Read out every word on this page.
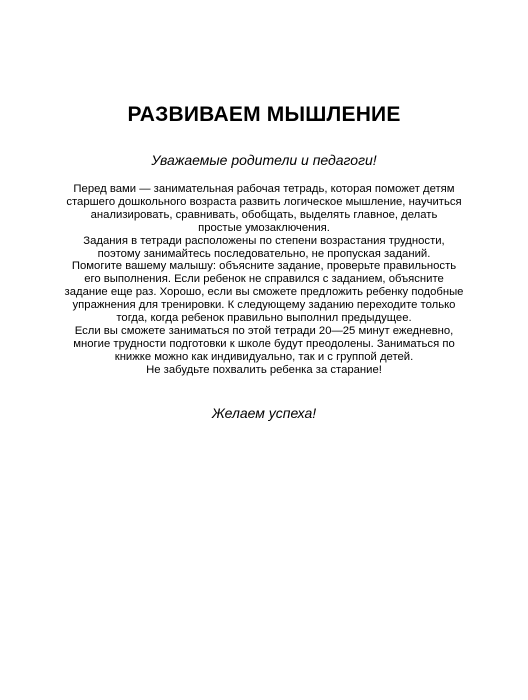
РАЗВИВАЕМ МЫШЛЕНИЕ
Уважаемые родители и педагоги!
Перед вами — занимательная рабочая тетрадь, которая поможет детям
старшего дошкольного возраста развить логическое мышление, научиться
анализировать, сравнивать, обобщать, выделять главное, делать
простые умозаключения.
Задания в тетради расположены по степени возрастания трудности,
поэтому занимайтесь последовательно, не пропуская заданий.
Помогите вашему малышу: объясните задание, проверьте правильность
его выполнения. Если ребенок не справился с заданием, объясните
задание еще раз. Хорошо, если вы сможете предложить ребенку подобные
упражнения для тренировки. К следующему заданию переходите только
тогда, когда ребенок правильно выполнил предыдущее.
Если вы сможете заниматься по этой тетради 20—25 минут ежедневно,
многие трудности подготовки к школе будут преодолены. Заниматься по
книжке можно как индивидуально, так и с группой детей.
Не забудьте похвалить ребенка за старание!
Желаем успеха!
